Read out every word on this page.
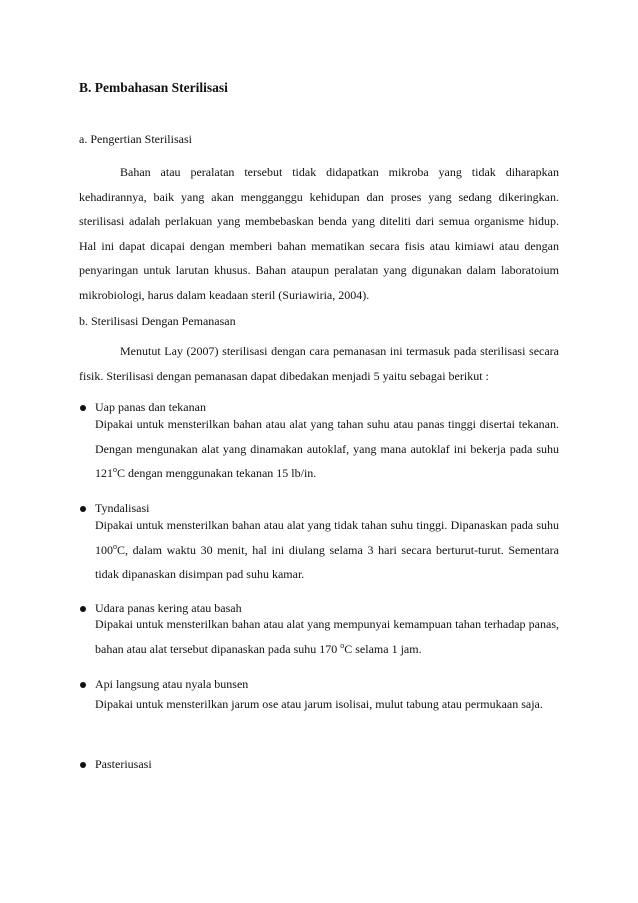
B. Pembahasan Sterilisasi
a. Pengertian Sterilisasi

Bahan atau peralatan tersebut tidak didapatkan mikroba yang tidak diharapkan kehadirannya, baik yang akan mengganggu kehidupan dan proses yang sedang dikeringkan. sterilisasi adalah perlakuan yang membebaskan benda yang diteliti dari semua organisme hidup. Hal ini dapat dicapai dengan memberi bahan mematikan secara fisis atau kimiawi atau dengan penyaringan untuk larutan khusus. Bahan ataupun peralatan yang digunakan dalam laboratoium mikrobiologi, harus dalam keadaan steril (Suriawiria, 2004).

b. Sterilisasi Dengan Pemanasan

Menutut Lay (2007) sterilisasi dengan cara pemanasan ini termasuk pada sterilisasi secara fisik. Sterilisasi dengan pemanasan dapat dibedakan menjadi 5 yaitu sebagai berikut :

Uap panas dan tekanan

Dipakai untuk mensterilkan bahan atau alat yang tahan suhu atau panas tinggi disertai tekanan. Dengan mengunakan alat yang dinamakan autoklaf, yang mana autoklaf ini bekerja pada suhu 121$^o$C dengan menggunakan tekanan 15 lb/in.

Tyndalisasi

Dipakai untuk mensterilkan bahan atau alat yang tidak tahan suhu tinggi. Dipanaskan pada suhu 100$^o$C, dalam waktu 30 menit, hal ini diulang selama 3 hari secara berturut-turut. Sementara tidak dipanaskan disimpan pad suhu kamar.

Udara panas kering atau basah

Dipakai untuk mensterilkan bahan atau alat yang mempunyai kemampuan tahan terhadap panas, bahan atau alat tersebut dipanaskan pada suhu 170 $^o$C selama 1 jam.

Api langsung atau nyala bunsen

Dipakai untuk mensterilkan jarum ose atau jarum isolisai, mulut tabung atau permukaan saja.

Pasteriusasi
